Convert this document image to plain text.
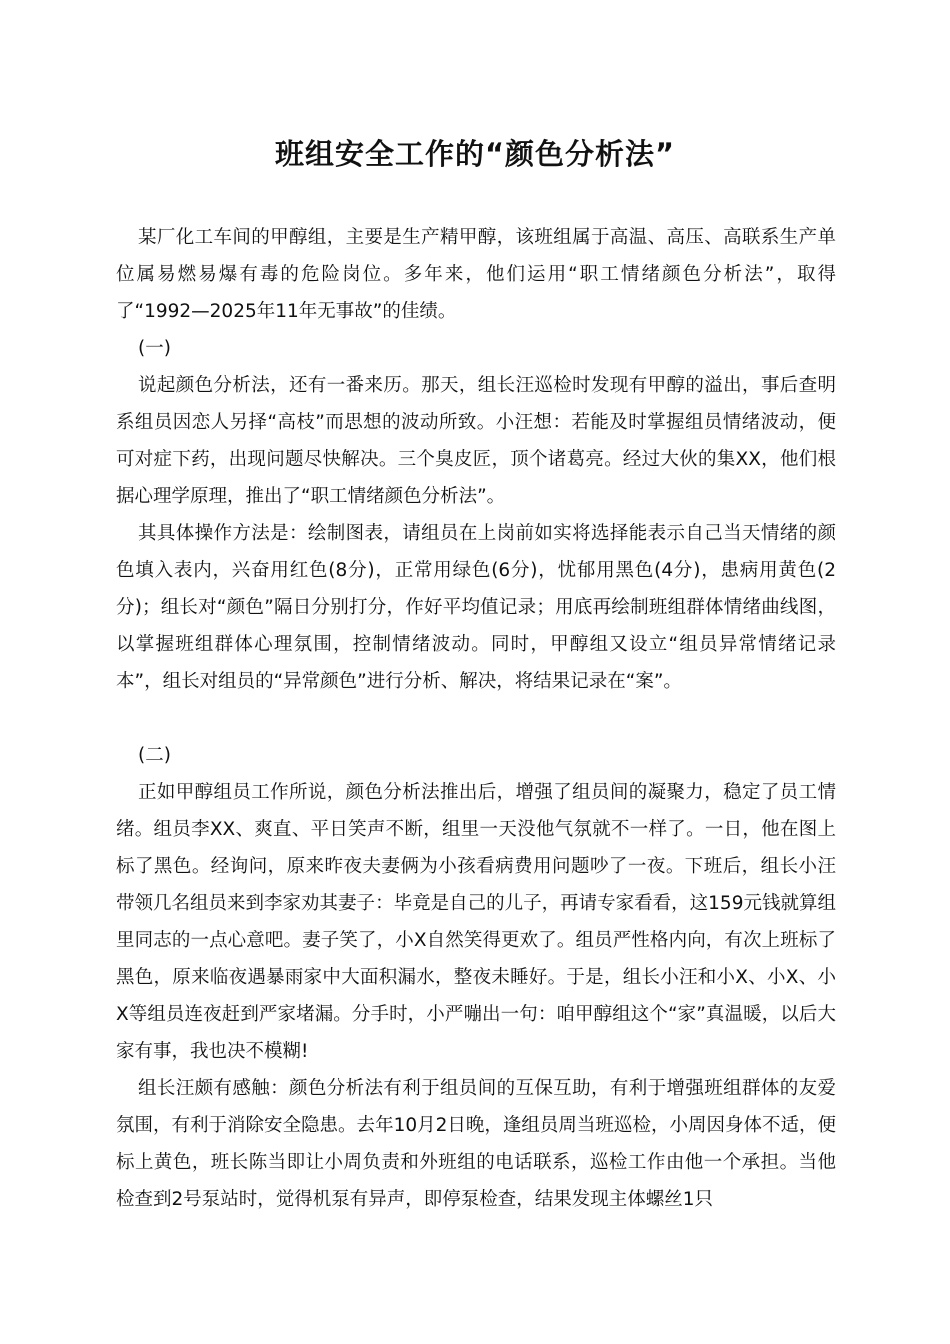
班组安全工作的“颜色分析法”

某厂化工车间的甲醇组，主要是生产精甲醇，该班组属于高温、高压、高联系生产单位属易燃易爆有毒的危险岗位。多年来，他们运用“职工情绪颜色分析法”，取得了“1992—2025年11年无事故”的佳绩。

(一)

说起颜色分析法，还有一番来历。那天，组长汪巡检时发现有甲醇的溢出，事后查明系组员因恋人另择“高枝”而思想的波动所致。小汪想：若能及时掌握组员情绪波动，便可对症下药，出现问题尽快解决。三个臭皮匠，顶个诸葛亮。经过大伙的集XX，他们根据心理学原理，推出了“职工情绪颜色分析法”。

其具体操作方法是：绘制图表，请组员在上岗前如实将选择能表示自己当天情绪的颜色填入表内，兴奋用红色(8分)，正常用绿色(6分)，忧郁用黑色(4分)，患病用黄色(2分)；组长对“颜色”隔日分别打分，作好平均值记录；用底再绘制班组群体情绪曲线图，以掌握班组群体心理氛围，控制情绪波动。同时，甲醇组又设立“组员异常情绪记录本”，组长对组员的“异常颜色”进行分析、解决，将结果记录在“案”。

(二)

正如甲醇组员工作所说，颜色分析法推出后，增强了组员间的凝聚力，稳定了员工情绪。组员李XX、爽直、平日笑声不断，组里一天没他气氛就不一样了。一日，他在图上标了黑色。经询问，原来昨夜夫妻俩为小孩看病费用问题吵了一夜。下班后，组长小汪带领几名组员来到李家劝其妻子：毕竟是自己的儿子，再请专家看看，这159元钱就算组里同志的一点心意吧。妻子笑了，小X自然笑得更欢了。组员严性格内向，有次上班标了黑色，原来临夜遇暴雨家中大面积漏水，整夜未睡好。于是，组长小汪和小X、小X、小X等组员连夜赶到严家堵漏。分手时，小严嘣出一句：咱甲醇组这个“家”真温暖，以后大家有事，我也决不模糊!

组长汪颇有感触：颜色分析法有利于组员间的互保互助，有利于增强班组群体的友爱氛围，有利于消除安全隐患。去年10月2日晚，逢组员周当班巡检，小周因身体不适，便标上黄色，班长陈当即让小周负责和外班组的电话联系，巡检工作由他一个承担。当他检查到2号泵站时，觉得机泵有异声，即停泵检查，结果发现主体螺丝1只
